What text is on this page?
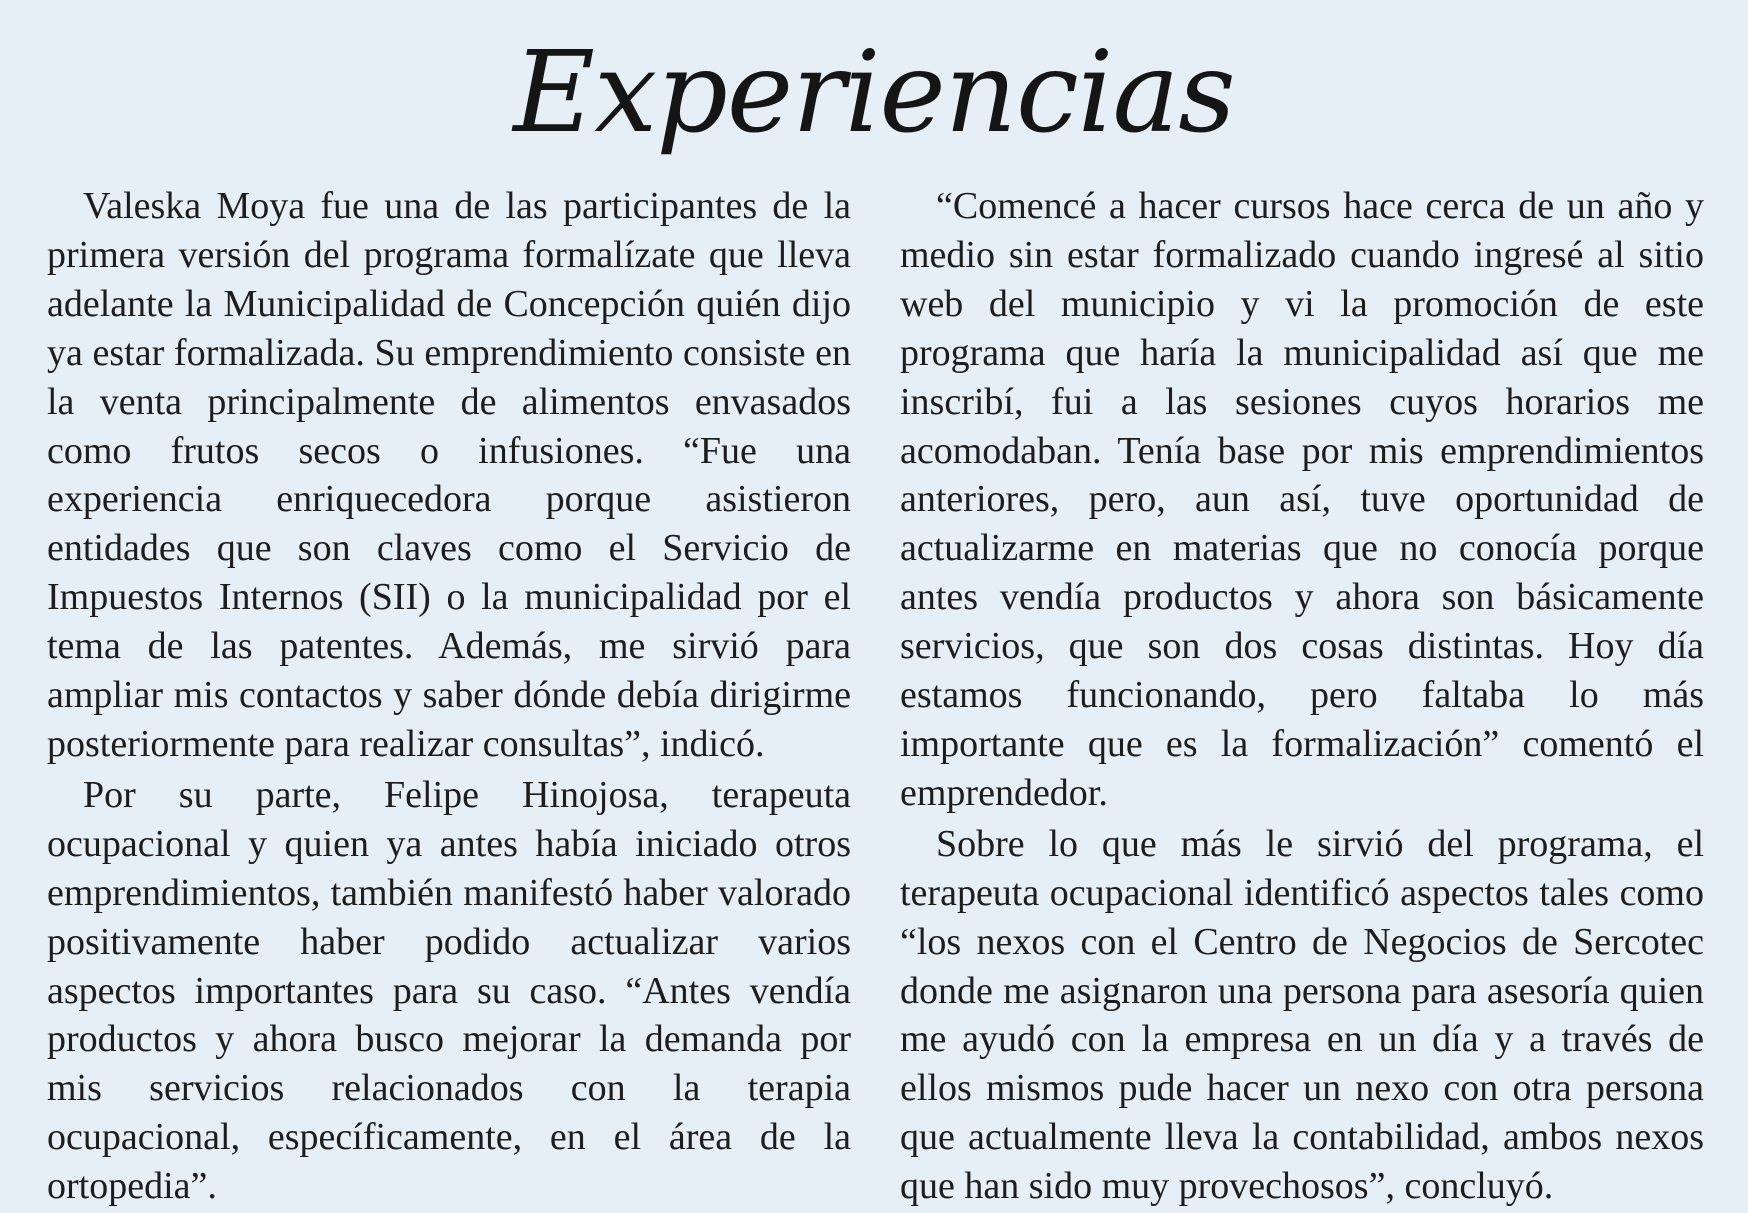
Experiencias

Valeska Moya fue una de las participantes de la primera versión del programa formalízate que lleva adelante la Municipalidad de Concepción quién dijo ya estar formalizada. Su emprendimiento consiste en la venta principalmente de alimentos envasados como frutos secos o infusiones. “Fue una experiencia enriquecedora porque asistieron entidades que son claves como el Servicio de Impuestos Internos (SII) o la municipalidad por el tema de las patentes. Además, me sirvió para ampliar mis contactos y saber dónde debía dirigirme posteriormente para realizar consultas”, indicó.

Por su parte, Felipe Hinojosa, terapeuta ocupacional y quien ya antes había iniciado otros emprendimientos, también manifestó haber valorado positivamente haber podido actualizar varios aspectos importantes para su caso. “Antes vendía productos y ahora busco mejorar la demanda por mis servicios relacionados con la terapia ocupacional, específicamente, en el área de la ortopedia”.

“Comencé a hacer cursos hace cerca de un año y medio sin estar formalizado cuando ingresé al sitio web del municipio y vi la promoción de este programa que haría la municipalidad así que me inscribí, fui a las sesiones cuyos horarios me acomodaban. Tenía base por mis emprendimientos anteriores, pero, aun así, tuve oportunidad de actualizarme en materias que no conocía porque antes vendía productos y ahora son básicamente servicios, que son dos cosas distintas. Hoy día estamos funcionando, pero faltaba lo más importante que es la formalización” comentó el emprendedor.

Sobre lo que más le sirvió del programa, el terapeuta ocupacional identificó aspectos tales como “los nexos con el Centro de Negocios de Sercotec donde me asignaron una persona para asesoría quien me ayudó con la empresa en un día y a través de ellos mismos pude hacer un nexo con otra persona que actualmente lleva la contabilidad, ambos nexos que han sido muy provechosos”, concluyó.
